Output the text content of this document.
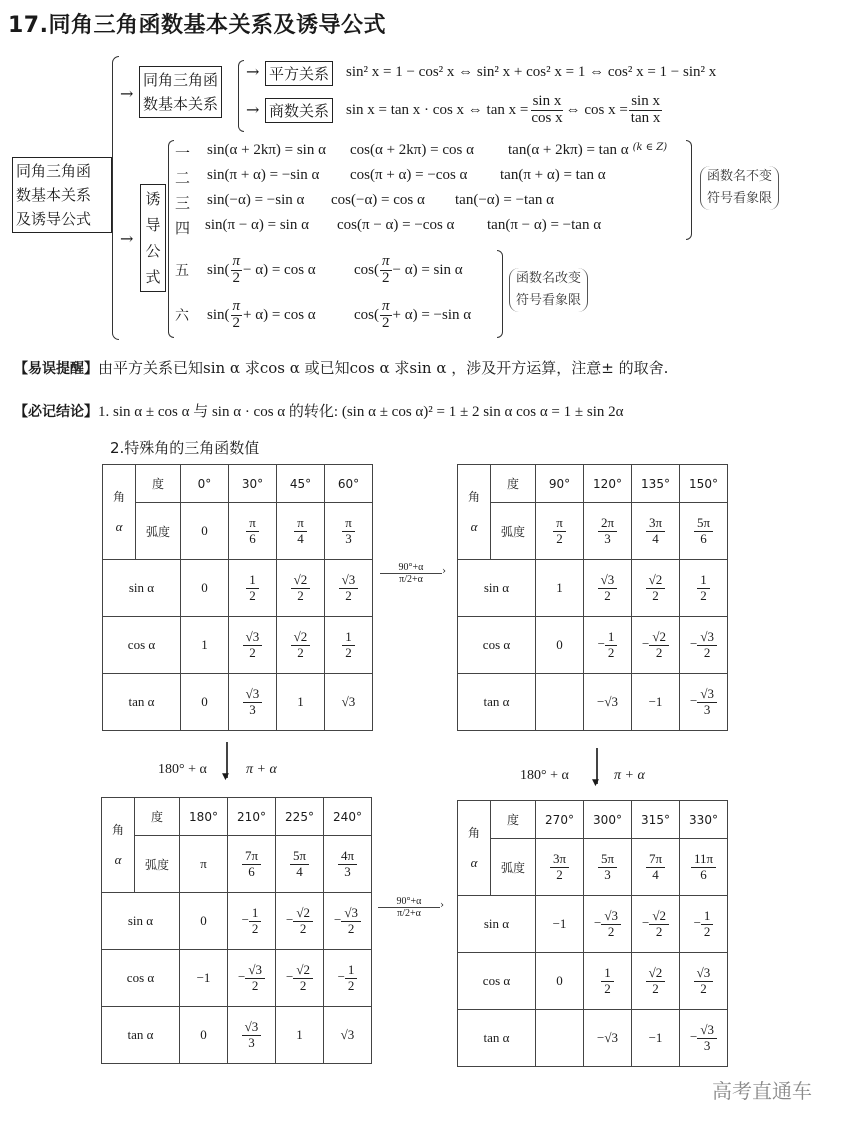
17.同角三角函数基本关系及诱导公式
同角三角函
数基本关系
及诱导公式
→
同角三角函
数基本关系
→ 平方关系 sin² x = 1 − cos² x ⇔ sin² x + cos² x = 1 ⇔ cos² x = 1 − sin² x
→ 商数关系 sin x = tan x · cos x ⇔ $\tan x = \frac{\text{sin x}}{\text{cos x}}$ ⇔ $\cos x = \frac{\text{sin x}}{\text{tan x}}$
→
诱
导
公
式
一	sin(α + 2kπ) = sin α	cos(α + 2kπ) = cos α	tan(α + 2kπ) = tan α (k ∈ Z)
二	sin(π + α) = −sin α	cos(π + α) = −cos α	tan(π + α) = tan α
三	sin(−α) = −sin α	cos(−α) = cos α	tan(−α) = −tan α
四 sin(π − α) = sin α	cos(π − α) = −cos α	tan(π − α) = −tan α
函数名不变
符号看象限
五	$\sin( \frac{\pi}{2} - \alpha) = \cos \alpha$	$\cos( \frac{\pi}{2} - \alpha) = \sin \alpha$
六	$\sin( \frac{\pi}{2} + \alpha) = \cos \alpha$	$\cos( \frac{\pi}{2} + \alpha) = -\sin$ α
函数名改变
符号看象限
【易误提醒】由平方关系已知sin α 求cos α 或已知cos α 求sin α ，涉及开方运算，注意± 的取舍.
【必记结论】1. sin α ± cos α 与 sin α · cos α 的转化: (sin α ± cos α)² = 1 ± 2 sin α cos α = 1 ± sin 2α
2.特殊角的三角函数值
角
α	度	0°	30°	45°	60°
	弧度	0	$\frac{\pi}{6}$	$\frac{\pi}{4}$	$\frac{\pi}{3}$

sin α		0	$\frac{1}{2}$	$\frac{√2}{2}$	$\frac{√3}{2}$

cos α		1	$\frac{√3}{2}$	$\frac{√2}{2}$	$\frac{1}{2}$

tan α		0	$\frac{√3}{3}$	1	√3
角
α	度	90°	120°	135°	150°
	弧度	$\frac{\pi}{2}$	$\frac{2\pi}{3}$	$\frac{3\pi}{4}$	$\frac{5\pi}{6}$

sin α		1	$\frac{√3}{2}$	$\frac{√2}{2}$	$\frac{1}{2}$

cos α		0	− $\frac{1}{2}$	− $\frac{√2}{2}$	− $\frac{√3}{2}$

tan α			−√3	−1	− $\frac{√3}{3}$
角
α	度	180°	210°	225°	240°
	弧度	π	$\frac{7\pi}{6}$	$\frac{5\pi}{4}$	$\frac{4\pi}{3}$

sin α		0	− $\frac{1}{2}$	− $\frac{√2}{2}$	− $\frac{√3}{2}$

cos α		−1	− $\frac{√3}{2}$	− $\frac{√2}{2}$	− $\frac{1}{2}$

tan α		0	$\frac{√3}{3}$	1	√3
角
α	度	270°	300°	315°	330°
	弧度	$\frac{3\pi}{2}$	$\frac{5\pi}{3}$	$\frac{7\pi}{4}$	$\frac{11\pi}{6}$

sin α		−1	− $\frac{√3}{2}$	− $\frac{√2}{2}$	− $\frac{1}{2}$

cos α		0	$\frac{1}{2}$	$\frac{√2}{2}$	$\frac{√3}{2}$

tan α			−√3	−1	− $\frac{√3}{3}$
90°+α	›
π/2+α
90°+α	›
π/2+α
▼
180° + α	π + α
▼
180° + α	π + α
高考直通车
